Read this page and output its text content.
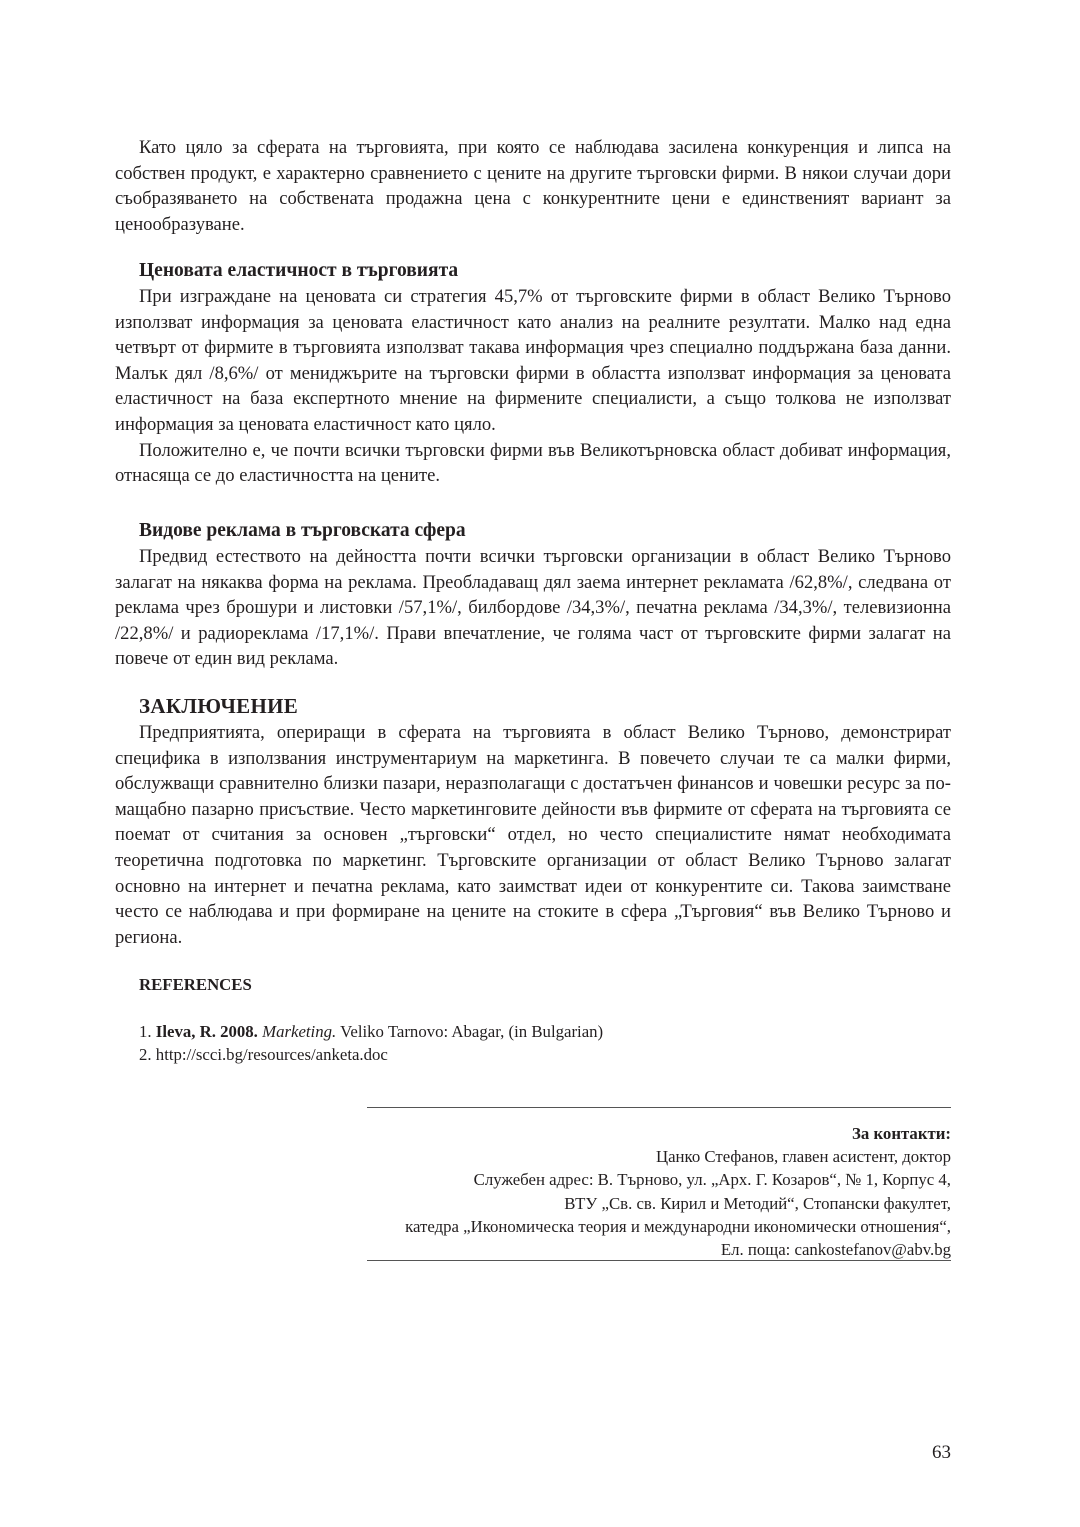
Като цяло за сферата на търговията, при която се наблюдава засилена конкуренция и липса на собствен продукт, е характерно сравнението с цените на другите търговски фирми. В някои случаи дори съобразяването на собствената продажна цена с конкурентните цени е единственият вариант за ценообразуване.

Ценовата еластичност в търговията

При изграждане на ценовата си стратегия 45,7% от търговските фирми в област Велико Търново използват информация за ценовата еластичност като анализ на реалните резултати. Малко над една четвърт от фирмите в търговията използват такава информация чрез специално поддържана база данни. Малък дял /8,6%/ от мениджърите на търговски фирми в областта използват информация за ценовата еластичност на база експертното мнение на фирмените специалисти, а също толкова не използват информация за ценовата еластичност като цяло.

Положително е, че почти всички търговски фирми във Великотърновска област добиват информация, отнасяща се до еластичността на цените.

Видове реклама в търговската сфера

Предвид естеството на дейността почти всички търговски организации в област Велико Търново залагат на някаква форма на реклама. Преобладаващ дял заема интернет рекламата /62,8%/, следвана от реклама чрез брошури и листовки /57,1%/, билбордове /34,3%/, печатна реклама /34,3%/, телевизионна /22,8%/ и радиореклама /17,1%/. Прави впечатление, че голяма част от търговските фирми залагат на повече от един вид реклама.

ЗАКЛЮЧЕНИЕ

Предприятията, опериращи в сферата на търговията в област Велико Търново, демонстрират специфика в използвания инструментариум на маркетинга. В повечето случаи те са малки фирми, обслужващи сравнително близки пазари, неразполагащи с достатъчен финансов и човешки ресурс за по-мащабно пазарно присъствие. Често маркетинговите дейности във фирмите от сферата на търговията се поемат от считания за основен „търговски“ отдел, но често специалистите нямат необходимата теоретична подготовка по маркетинг. Търговските организации от област Велико Търново залагат основно на интернет и печатна реклама, като заимстват идеи от конкурентите си. Такова заимстване често се наблюдава и при формиране на цените на стоките в сфера „Търговия“ във Велико Търново и региона.

REFERENCES

1. Ileva, R. 2008. Marketing. Veliko Tarnovo: Abagar, (in Bulgarian)

2. http://scci.bg/resources/anketa.doc

За контакти:
Цанко Стефанов, главен асистент, доктор
Служебен адрес: В. Търново, ул. „Арх. Г. Козаров“, № 1, Корпус 4,
ВТУ „Св. св. Кирил и Методий“, Стопански факултет,
катедра „Икономическа теория и международни икономически отношения“,
Ел. поща: cankostefanov@abv.bg
63
